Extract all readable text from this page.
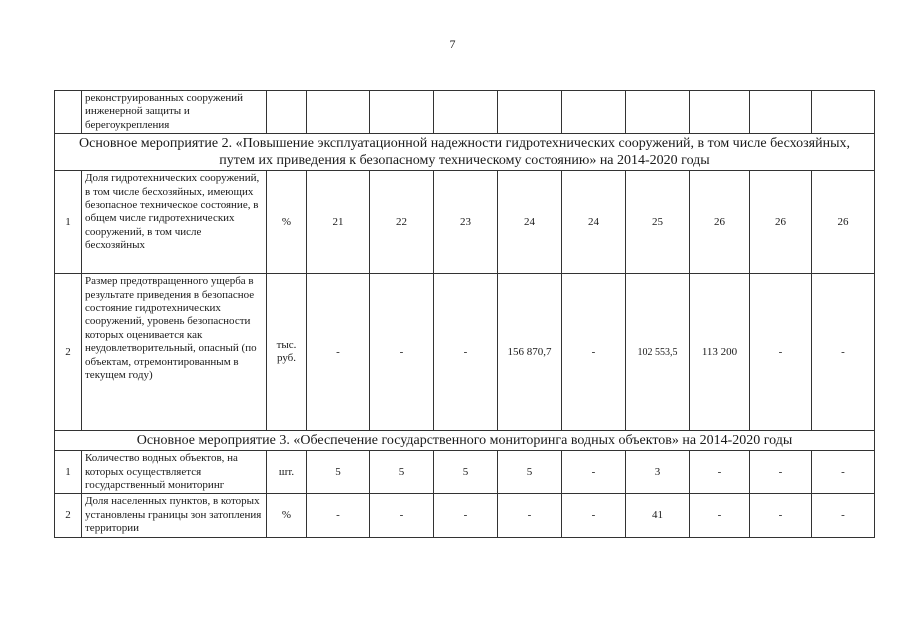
7
	реконструированных сооружений инженерной защиты и берегоукрепления										
Основное мероприятие 2. «Повышение эксплуатационной надежности гидротехнических сооружений, в том числе бесхозяйных, путем их приведения к безопасному техническому состоянию» на 2014-2020 годы											
1	Доля гидротехнических сооружений, в том числе бесхозяйных, имеющих безопасное техническое состояние, в общем числе гидротехнических сооружений, в том числе бесхозяйных	%	21	22	23	24	24	25	26	26	26
2	Размер предотвращенного ущерба в результате приведения в безопасное состояние гидротехнических сооружений, уровень безопасности которых оценивается как неудовлетворительный, опасный (по объектам, отремонтированным в текущем году)	тыс. руб.	-	-	-	156 870,7	-	102 553,5	113 200	-	-
Основное мероприятие 3. «Обеспечение государственного мониторинга водных объектов» на 2014-2020 годы											
1	Количество водных объектов, на которых осуществляется государственный мониторинг	шт.	5	5	5	5	-	3	-	-	-
2	Доля населенных пунктов, в которых установлены границы зон затопления территории	%	-	-	-	-	-	41	-	-	-
